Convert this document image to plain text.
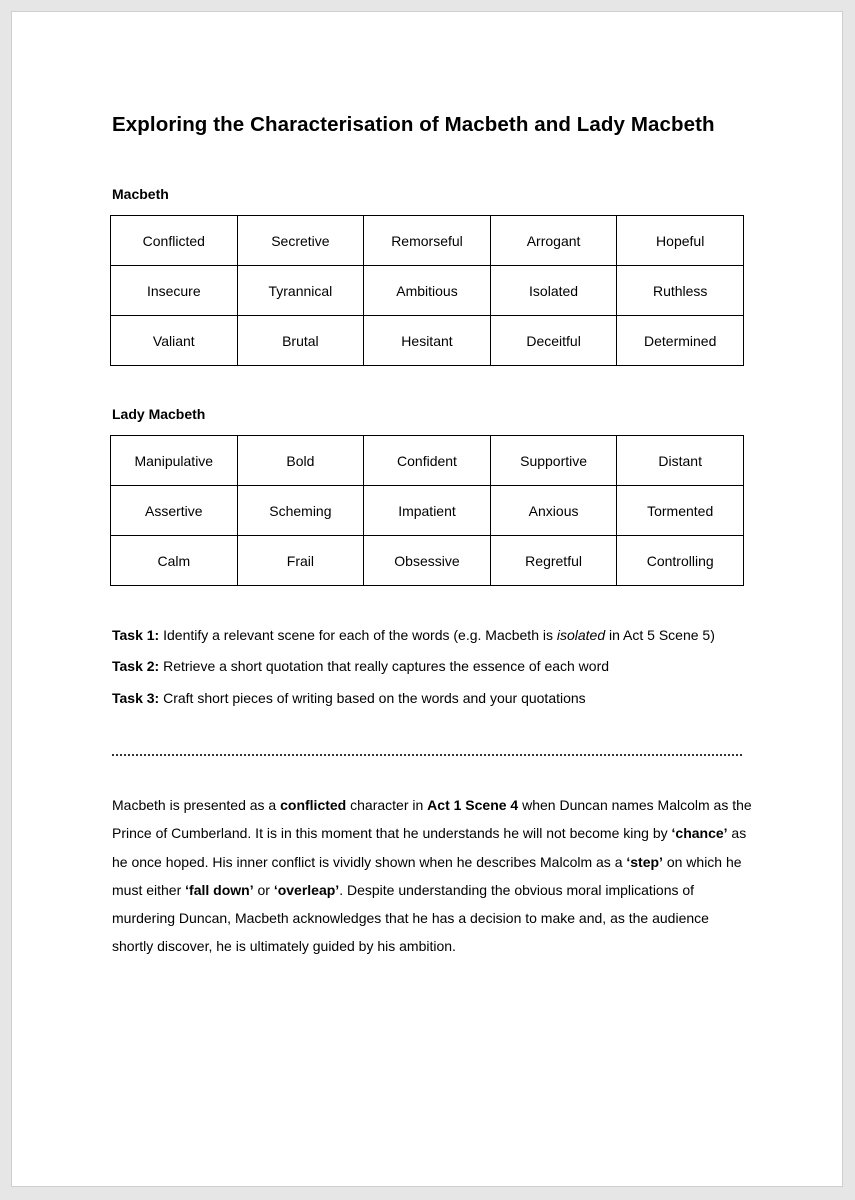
Exploring the Characterisation of Macbeth and Lady Macbeth
Macbeth
Conflicted	Secretive	Remorseful	Arrogant	Hopeful
Insecure	Tyrannical	Ambitious	Isolated	Ruthless
Valiant	Brutal	Hesitant	Deceitful	Determined
Lady Macbeth
Manipulative	Bold	Confident	Supportive	Distant
Assertive	Scheming	Impatient	Anxious	Tormented
Calm	Frail	Obsessive	Regretful	Controlling

Task 1: Identify a relevant scene for each of the words (e.g. Macbeth is isolated in Act 5 Scene 5)

Task 2: Retrieve a short quotation that really captures the essence of each word

Task 3: Craft short pieces of writing based on the words and your quotations

Macbeth is presented as a conflicted character in Act 1 Scene 4 when Duncan names Malcolm as the Prince of Cumberland. It is in this moment that he understands he will not become king by ‘chance’ as he once hoped. His inner conflict is vividly shown when he describes Malcolm as a ‘step’ on which he must either ‘fall down’ or ‘overleap’. Despite understanding the obvious moral implications of murdering Duncan, Macbeth acknowledges that he has a decision to make and, as the audience shortly discover, he is ultimately guided by his ambition.
